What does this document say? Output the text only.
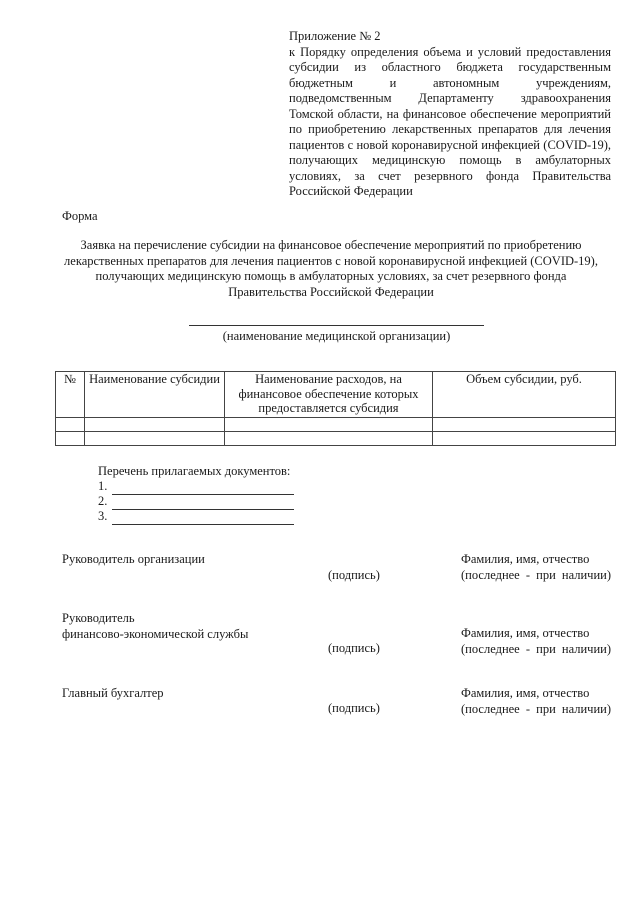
Приложение № 2

к Порядку определения объема и условий предоставления субсидии из областного бюджета государственным бюджетным и автономным учреждениям, подведомственным Департаменту здравоохранения Томской области, на финансовое обеспечение мероприятий по приобретению лекарственных препаратов для лечения пациентов с новой коронавирусной инфекцией (COVID-19), получающих медицинскую помощь в амбулаторных условиях, за счет резервного фонда Правительства Российской Федерации

Форма

Заявка на перечисление субсидии на финансовое обеспечение мероприятий по приобретению лекарственных препаратов для лечения пациентов с новой коронавирусной инфекцией (COVID-19), получающих медицинскую помощь в амбулаторных условиях, за счет резервного фонда Правительства Российской Федерации

(наименование медицинской организации)
№	Наименование субсидии	Наименование расходов, на финансовое обеспечение которых предоставляется субсидия	Объем субсидии, руб.

Перечень прилагаемых документов:
1.
2.
3.
Руководитель организации
(подпись)
Фамилия, имя, отчество
(последнее - при наличии)
Руководитель
финансово-экономической службы
(подпись)
Фамилия, имя, отчество
(последнее - при наличии)
Главный бухгалтер
(подпись)
Фамилия, имя, отчество
(последнее - при наличии)
